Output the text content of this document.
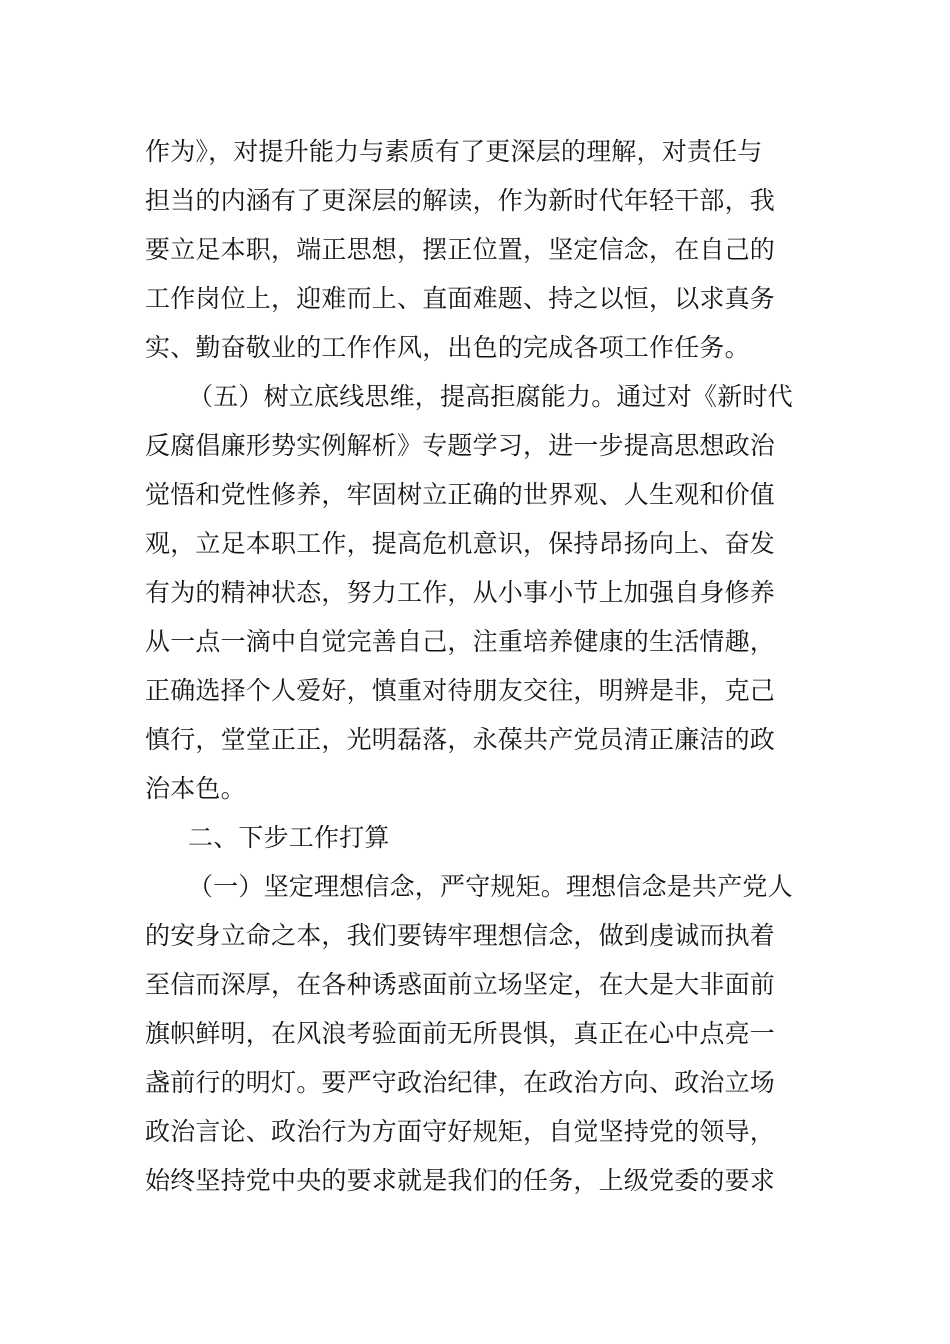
作为》，对提升能力与素质有了更深层的理解，对责任与
担当的内涵有了更深层的解读，作为新时代年轻干部，我
要立足本职，端正思想，摆正位置，坚定信念，在自己的
工作岗位上，迎难而上、直面难题、持之以恒，以求真务
实、勤奋敬业的工作作风，出色的完成各项工作任务。
（五）树立底线思维，提高拒腐能力。通过对《新时代
反腐倡廉形势实例解析》专题学习，进一步提高思想政治
觉悟和党性修养，牢固树立正确的世界观、人生观和价值
观，立足本职工作，提高危机意识，保持昂扬向上、奋发
有为的精神状态，努力工作，从小事小节上加强自身修养
从一点一滴中自觉完善自己，注重培养健康的生活情趣，
正确选择个人爱好，慎重对待朋友交往，明辨是非，克己
慎行，堂堂正正，光明磊落，永葆共产党员清正廉洁的政
治本色。
二、下步工作打算
（一）坚定理想信念，严守规矩。理想信念是共产党人
的安身立命之本，我们要铸牢理想信念，做到虔诚而执着
至信而深厚，在各种诱惑面前立场坚定，在大是大非面前
旗帜鲜明，在风浪考验面前无所畏惧，真正在心中点亮一
盏前行的明灯。要严守政治纪律，在政治方向、政治立场
政治言论、政治行为方面守好规矩，自觉坚持党的领导，
始终坚持党中央的要求就是我们的任务，上级党委的要求
